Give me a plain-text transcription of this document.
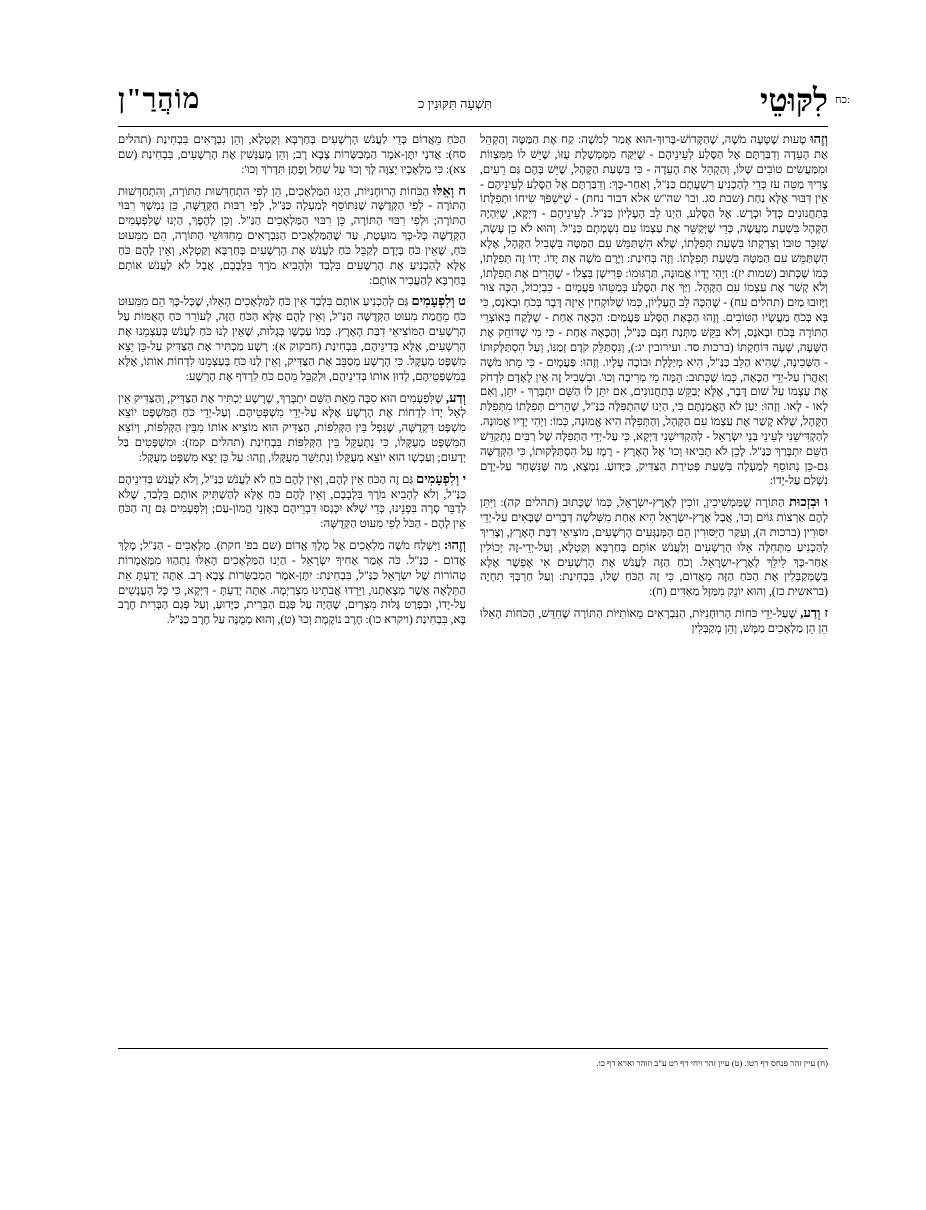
לִקּוּטֵי
תִּשְׁעָה תִּקּוּנִין כ
מוֹהֲרַ"ן	כח:

וְזֶהוּ טָעוּת שֶׁטָּעָה מֹשֶׁה, שֶׁהַקָּדוֹשׁ-בָּרוּךְ-הוּא אָמַר לְמֹשֶׁה: קַח אֶת הַמַּטֶּה וְהַקְהֵל אֶת הָעֵדָה וְדִבַּרְתֶּם אֶל הַסֶּלַע לְעֵינֵיהֶם - שֶׁיִּקַּח מִמֶּמְשֶׁלֶת עֻזּוֹ, שֶׁיֵּשׁ לוֹ מִמִּצְווֹת וּמִמַּעֲשִׂים טוֹבִים שֶׁלּוֹ, וְהַקְהֵל אֶת הָעֵדָה - כִּי בִּשְׁעַת הַקָּהָל, שֶׁיֵּשׁ בָּהֶם גַּם רֵעִים, צָרִיךְ מַטֵּה עֹז כְּדֵי לְהַכְנִיעַ רִשְׁעָתָם כַּנַּ"ל, וְאַחַר-כָּךְ: וְדִבַּרְתֶּם אֶל הַסֶּלַע לְעֵינֵיהֶם - אֵין דִּבּוּר אֶלָּא נַחַת (שבת סג. ובו' שה"ש אלא דבור נחת) - שֶׁיִּשְׁפֹּךְ שִׂיחוֹ וּתְפִלָּתוֹ בְּתַחֲנוּנִים כְּדַל וּכְרָשׁ. אֶל הַסֶּלַע, הַיְנוּ לֵב הָעֶלְיוֹן כַּנַּ"ל. לְעֵינֵיהֶם - דַּיְקָא, שֶׁיִּהְיֶה הַקָּהָל בִּשְׁעַת מַעֲשֶׂה, כְּדֵי שֶׁיְּקַשֵּׁר אֶת עַצְמוֹ עִם נִשְׁמָתָם כַּנַּ"ל. וְהוּא לֹא כֵן עָשָׂה, שֶׁזִּכֵּר טוּבוֹ וְצִדְקָתוֹ בִּשְׁעַת תְּפִלָּתוֹ, שֶׁלֹּא הִשְׁתַּמֵּשׁ עִם הַמַּטֶּה בִּשְׁבִיל הַקָּהָל, אֶלָּא הִשְׁתַּמֵּשׁ עִם הַמַּטֶּה בִּשְׁעַת תְּפִלָּתוֹ. וְזֶה בְּחִינַת: וַיָּרֶם מֹשֶׁה אֶת יָדוֹ. יָדוֹ זֶה תְּפִלָּתוֹ, כְּמוֹ שֶׁכָּתוּב (שמות יז): וַיְהִי יָדָיו אֱמוּנָה, תַּרְגּוּמוֹ: פְּרִישָׁן בִּצְלוֹ - שֶׁהֵרִים אֶת תְּפִלָּתוֹ, וְלֹא קָשַׁר אֶת עַצְמוֹ עִם הַקָּהָל. וַיַּךְ אֶת הַסֶּלַע בְּמַטֵּהוּ פַּעֲמָיִם - כִּבְיָכוֹל, הִכָּה צוּר וַיָּזוּבוּ מַיִם (תהלים עח) - שֶׁהִכָּה לֵב הָעֶלְיוֹן, כְּמוֹ שֶׁלּוֹקְחִין אֵיזֶה דָּבָר בְּכֹחַ וּבְאֹנֶס, כִּי בָּא בְּכֹחַ מַעֲשָׂיו הַטּוֹבִים. וְזֶהוּ הַכָּאַת הַסֶּלַע פַּעֲמַיִם: הַכָּאָה אַחַת - שֶׁלָּקַח בְּאוֹצְרֵי הַתּוֹרָה בְּכֹחַ וּבְאֹנֶס, וְלֹא בִּקֵּשׁ מַתְּנַת חִנָּם כַּנַּ"ל, וְהַכָּאָה אַחַת - כִּי מִי שֶׁדּוֹחֵק אֶת הַשָּׁעָה, שָׁעָה דּוֹחַקְתּוֹ (ברכות סד. ועירובין יג:), וְנִסְתַּלֵּק קֹדֶם זְמַנּוֹ, וְעַל הִסְתַּלְּקוּתוֹ - הַשְּׁכִינָה, שֶׁהִיא הַלֵּב כַּנַּ"ל, הִיא מְיַלֶּלֶת וּבוֹכָה עָלָיו. וְזֶהוּ: פַּעֲמָיִם - כִּי מֵתוּ מֹשֶׁה וְאַהֲרֹן עַל-יְדֵי הַכָּאָה, כְּמוֹ שֶׁכָּתוּב: הֵמָּה מֵי מְרִיבָה וְכוּ'. וּבִשְׁבִיל זֶה אֵין לָאָדָם לִדְחֹק אֶת עַצְמוֹ עַל שׁוּם דָּבָר, אֶלָּא יְבַקֵּשׁ בְּתַחֲנוּנִים, אִם יִתֵּן לוֹ הַשֵּׁם יִתְבָּרַךְ - יִתֵּן, וְאִם לָאו - לָאו. וְזֶהוּ: יַעַן לֹא הֶאֱמַנְתֶּם בִּי, הַיְנוּ שֶׁהִתְפִּלָּה כַּנַּ"ל, שֶׁהֵרִים תְּפִלָּתוֹ מִתְּפִלַּת הַקָּהָל, שֶׁלֹּא קָשַׁר אֶת עַצְמוֹ עִם הַקָּהָל, וְהַתְּפִלָּה הִיא אֱמוּנָה, כְּמוֹ: וַיְהִי יָדָיו אֱמוּנָה. לְהַקְדִּישֵׁנִי לְעֵינֵי בְּנֵי יִשְׂרָאֵל - לְהַקְדִּישֵׁנִי דַּיְקָא, כִּי עַל-יְדֵי הַתְּפִלָּה שֶׁל רַבִּים נִתְקַדֵּשׁ הַשֵּׁם יִתְבָּרַךְ כַּנַּ"ל. לָכֵן לֹא תָבִיאוּ וְכוּ' אֶל הָאָרֶץ - רֶמֶז עַל הִסְתַּלְּקוּתוֹ, כִּי הַקְּדֻשָּׁה גַּם-כֵּן נִתּוֹסֵף לְמַעְלָה בִּשְׁעַת פְּטִירַת הַצַּדִּיק, כַּיָּדוּעַ. נִמְצָא, מַה שֶּׁנִּשְׁחַר עַל-יָדָם נִשְׁלַם עַל-יָדוֹ:

ו וּבִזְכוּת הַתּוֹרָה שֶׁמַּמְשִׁיכִין, זוֹכִין לְאֶרֶץ-יִשְׂרָאֵל, כְּמוֹ שֶׁכָּתוּב (תהלים קה): וַיִּתֵּן לָהֶם אַרְצוֹת גּוֹיִם וְכוּ', אֲבָל אֶרֶץ-יִשְׂרָאֵל הִיא אַחַת מִשְּׁלֹשָׁה דְּבָרִים שֶׁבָּאִים עַל-יְדֵי יִסּוּרִין (ברכות ה), וְעִקַּר הַיִּסּוּרִין הֵם הַמְּנַגְּעִים הָרְשָׁעִים, מוֹצִיאֵי דִבַּת הָאָרֶץ, וְצָרִיךְ לְהַכְנִיעַ מִתְּחִלָּה אֵלּוּ הָרְשָׁעִים וְלַעֲנֹשׁ אוֹתָם בְּחַרְבָּא וְקַטְלָא, וְעַל-יְדֵי-זֶה יְכוֹלִין אַחַר-כָּךְ לֵילֵךְ לְאֶרֶץ-יִשְׂרָאֵל. וְכֹחַ הַזֶּה לַעֲנֹשׁ אֶת הָרְשָׁעִים אִי אֶפְשָׁר אֶלָּא בְּשֶׁמְּקַבְּלִין אֶת הַכֹּחַ הַזֶּה מֵאֲדוֹם, כִּי זֶה הַכֹּחַ שֶׁלּוֹ, בִּבְחִינַת: וְעַל חַרְבְּךָ תִחְיֶה (בראשית כז), וְהוּא יוֹנֵק מִמַּזָּל מַאְדִּים (ח):

ז וְדַע, שֶׁעַל-יְדֵי כֹּחוֹת הָרוּחָנִיּוֹת, הַנִּבְרָאִים מֵאוֹתִיּוֹת הַתּוֹרָה שֶׁחִדֵּשׁ, הַכֹּחוֹת הָאֵלּוּ הֵן הֵן מַלְאָכִים מַמָּשׁ, וְהֵן מְקַבְּלִין

הַכֹּחַ מֵאֲדוֹם כְּדֵי לַעֲנֹשׁ הָרְשָׁעִים בְּחַרְבָּא וְקַטְלָא, וְהֵן נִבְרָאִים בִּבְחִינַת (תהלים סח): אֲדֹנָי יִתֶּן-אֹמֶר הַמְבַשְּׂרוֹת צָבָא רָב; וְהֵן מְעַנְּשִׁין אֶת הָרְשָׁעִים, בִּבְחִינַת (שם צא): כִּי מַלְאָכָיו יְצַוֶּה לָּךְ וְכוּ' עַל שַׁחַל וָפֶתֶן תִּדְרֹךְ וְכוּ':

ח וְאֵלּוּ הַכֹּחוֹת הָרוּחָנִיּוֹת, הַיְנוּ הַמַּלְאָכִים, הֵן לְפִי הִתְחַדְּשׁוּת הַתּוֹרָה, וְהִתְחַדְּשׁוּת הַתּוֹרָה - לְפִי הַקְּדֻשָּׁה שֶׁנִּתּוֹסֵף לְמַעְלָה כַּנַּ"ל, לְפִי רִבּוּת הַקְּדֻשָּׁה, כֵּן נִמְשָׁךְ רִבּוּי הַתּוֹרָה; וּלְפִי רִבּוּי הַתּוֹרָה, כֵּן רִבּוּי הַמַּלְאָכִים הַנַּ"ל. וְכֵן לְהֶפֶךְ, הַיְנוּ שֶׁלִּפְעָמִים הַקְּדֻשָּׁה כָּל-כָּךְ מוּעֶטֶת, עַד שֶׁהַמַּלְאָכִים הַנִּבְרָאִים מֵחִדּוּשֵׁי הַתּוֹרָה, הֵם מִמִּעוּט כֹּחַ, שֶׁאֵין כֹּחַ בְּיָדָם לְקַבֵּל כֹּחַ לַעֲנֹשׁ אֶת הָרְשָׁעִים בְּחַרְבָּא וְקַטְלָא, וְאֵין לָהֶם כֹּחַ אֶלָּא לְהַכְנִיעַ אֶת הָרְשָׁעִים בִּלְבַד וּלְהָבִיא מֹרֶךְ בִּלְבָבָם, אֲבָל לֹא לַעֲנֹשׁ אוֹתָם בְּחַרְבָּא לְהַעֲבִיר אוֹתָם:

ט וְלִפְעָמִים גַּם לְהַכְנִיעַ אוֹתָם בִּלְבַד אֵין כֹּחַ לַמַּלְאָכִים הָאֵלּוּ, שֶׁכָּל-כָּךְ הֵם מִמִּעוּט כֹּחַ מֵחֲמַת מִעוּט הַקְּדֻשָּׁה הַנַּ"ל, וְאֵין לָהֶם אֶלָּא הַכֹּחַ הַזֶּה, לְעוֹרֵר כֹּחַ הָאֻמּוֹת עַל הָרְשָׁעִים הַמּוֹצִיאֵי דִבַּת הָאָרֶץ. כְּמוֹ עַכְשָׁו בְּגָלוּת, שֶׁאֵין לָנוּ כֹּחַ לַעֲנֹשׁ בְּעַצְמֵנוּ אֶת הָרְשָׁעִים, אֶלָּא בְּדִינֵיהֶם, בִּבְחִינַת (חבקוק א): רָשָׁע מַכְתִּיר אֶת הַצַּדִּיק עַל-כֵּן יֵצֵא מִשְׁפָּט מְעֻקָּל. כִּי הָרָשָׁע מְסַבֵּב אֶת הַצַּדִּיק, וְאֵין לָנוּ כֹּחַ בְּעַצְמֵנוּ לִדְחוֹת אוֹתוֹ, אֶלָּא בְּמִשְׁפְּטֵיהֶם, לָדוּן אוֹתוֹ בְּדִינֵיהֶם, וּלְקַבֵּל מֵהֶם כֹּחַ לִרְדֹּף אֶת הָרָשָׁע:

וְדַע, שֶׁלִּפְעָמִים הוּא סִבָּה מֵאֵת הַשֵּׁם יִתְבָּרַךְ, שֶׁרָשָׁע יַכְתִּיר אֶת הַצַּדִּיק, וְהַצַּדִּיק אֵין לְאֵל יָדוֹ לִדְחוֹת אֶת הָרָשָׁע אֶלָּא עַל-יְדֵי מִשְׁפְּטֵיהֶם. וְעַל-יְדֵי כֹּחַ הַמִּשְׁפָּט יוֹצֵא מִשְׁפָּט דִּקְדֻשָּׁה, שֶׁנִּפְל בֵּין הַקְּלִפּוֹת, הַצַּדִּיק הוּא מוֹצִיא אוֹתוֹ מִבֵּין הַקְּלִפּוֹת, וְיוֹצֵא הַמִּשְׁפָּט מְעֻקָּלוֹ, כִּי נִתְעַקֵּל בֵּין הַקְּלִפּוֹת בִּבְחִינַת (תהלים קמז): וּמִשְׁפָּטִים בַּל יְדָעוּם; וְעַכְשָׁו הוּא יוֹצֵא מְעֻקָּלוֹ וְנִתְיַשֵּׁר מְעֻקָּלוֹ, וְזֶהוּ: עַל כֵּן יֵצֵא מִשְׁפָּט מְעֻקָּל:

י וְלִפְעָמִים גַּם זֶה הַכֹּחַ אֵין לָהֶם, וְאֵין לָהֶם כֹּחַ לֹא לַעֲנֹשׁ כַּנַּ"ל, וְלֹא לַעֲנֹשׁ בְּדִינֵיהֶם כַּנַּ"ל, וְלֹא לְהָבִיא מֹרֶךְ בִּלְבָבָם, וְאֵין לָהֶם כֹּחַ אֶלָּא לְהַשְׁתִּיק אוֹתָם בִּלְבַד, שֶׁלֹּא לְדַבֵּר סָרָה בִּפְנֵינוּ, כְּדֵי שֶׁלֹּא יִכָּנְסוּ דִּבְרֵיהֶם בְּאָזְנֵי הֲמוֹן-עַם; וְלִפְעָמִים גַּם זֶה הַכֹּחַ אֵין לָהֶם - הַכֹּל לְפִי מִעוּט הַקְּדֻשָּׁה:

וְזֶהוּ: וַיִּשְׁלַח מֹשֶׁה מַלְאָכִים אֶל מֶלֶךְ אֱדוֹם (שם בפ' חקת). מַלְאָכִים - הַנַּ"ל; מֶלֶךְ אֱדוֹם - כַּנַּ"ל. כֹּה אָמַר אָחִיךָ יִשְׂרָאֵל - הַיְנוּ הַמַּלְאָכִים הָאֵלּוּ נִתְהַוּוּ מִמַּאֲמָרוֹת טְהוֹרוֹת שֶׁל יִשְׂרָאֵל כַּנַּ"ל, בִּבְחִינַת: יִתֶּן-אֹמֶר הַמְבַשְּׂרוֹת צָבָא רָב. אַתָּה יָדַעְתָּ אֵת הַתְּלָאָה אֲשֶׁר מְצָאַתְנוּ, וַיֵּרְדוּ אֲבֹתֵינוּ מִצְרַיְמָה. אַתָּה יָדַעְתָּ - דַּיְקָא, כִּי כָּל הָעֳנָשִׁים עַל-יָדוֹ, וּבִפְרַט גָּלוּת מִצְרַיִם, שֶׁהָיָה עַל פְּגַם הַבְּרִית, כַּיָּדוּעַ, וְעַל פְּגַם הַבְּרִית חֶרֶב בָּא, בִּבְחִינַת (ויקרא כו): חֶרֶב נוֹקֶמֶת וְכוּ' (ט), וְהוּא מְמֻנֶּה עַל חֶרֶב כַּנַּ"ל.

(ח) עיין זהר פנחס דף רטו. (ט) עיין זהר ויחי דף רט ע"ב וזוהר וארא דף כו.
